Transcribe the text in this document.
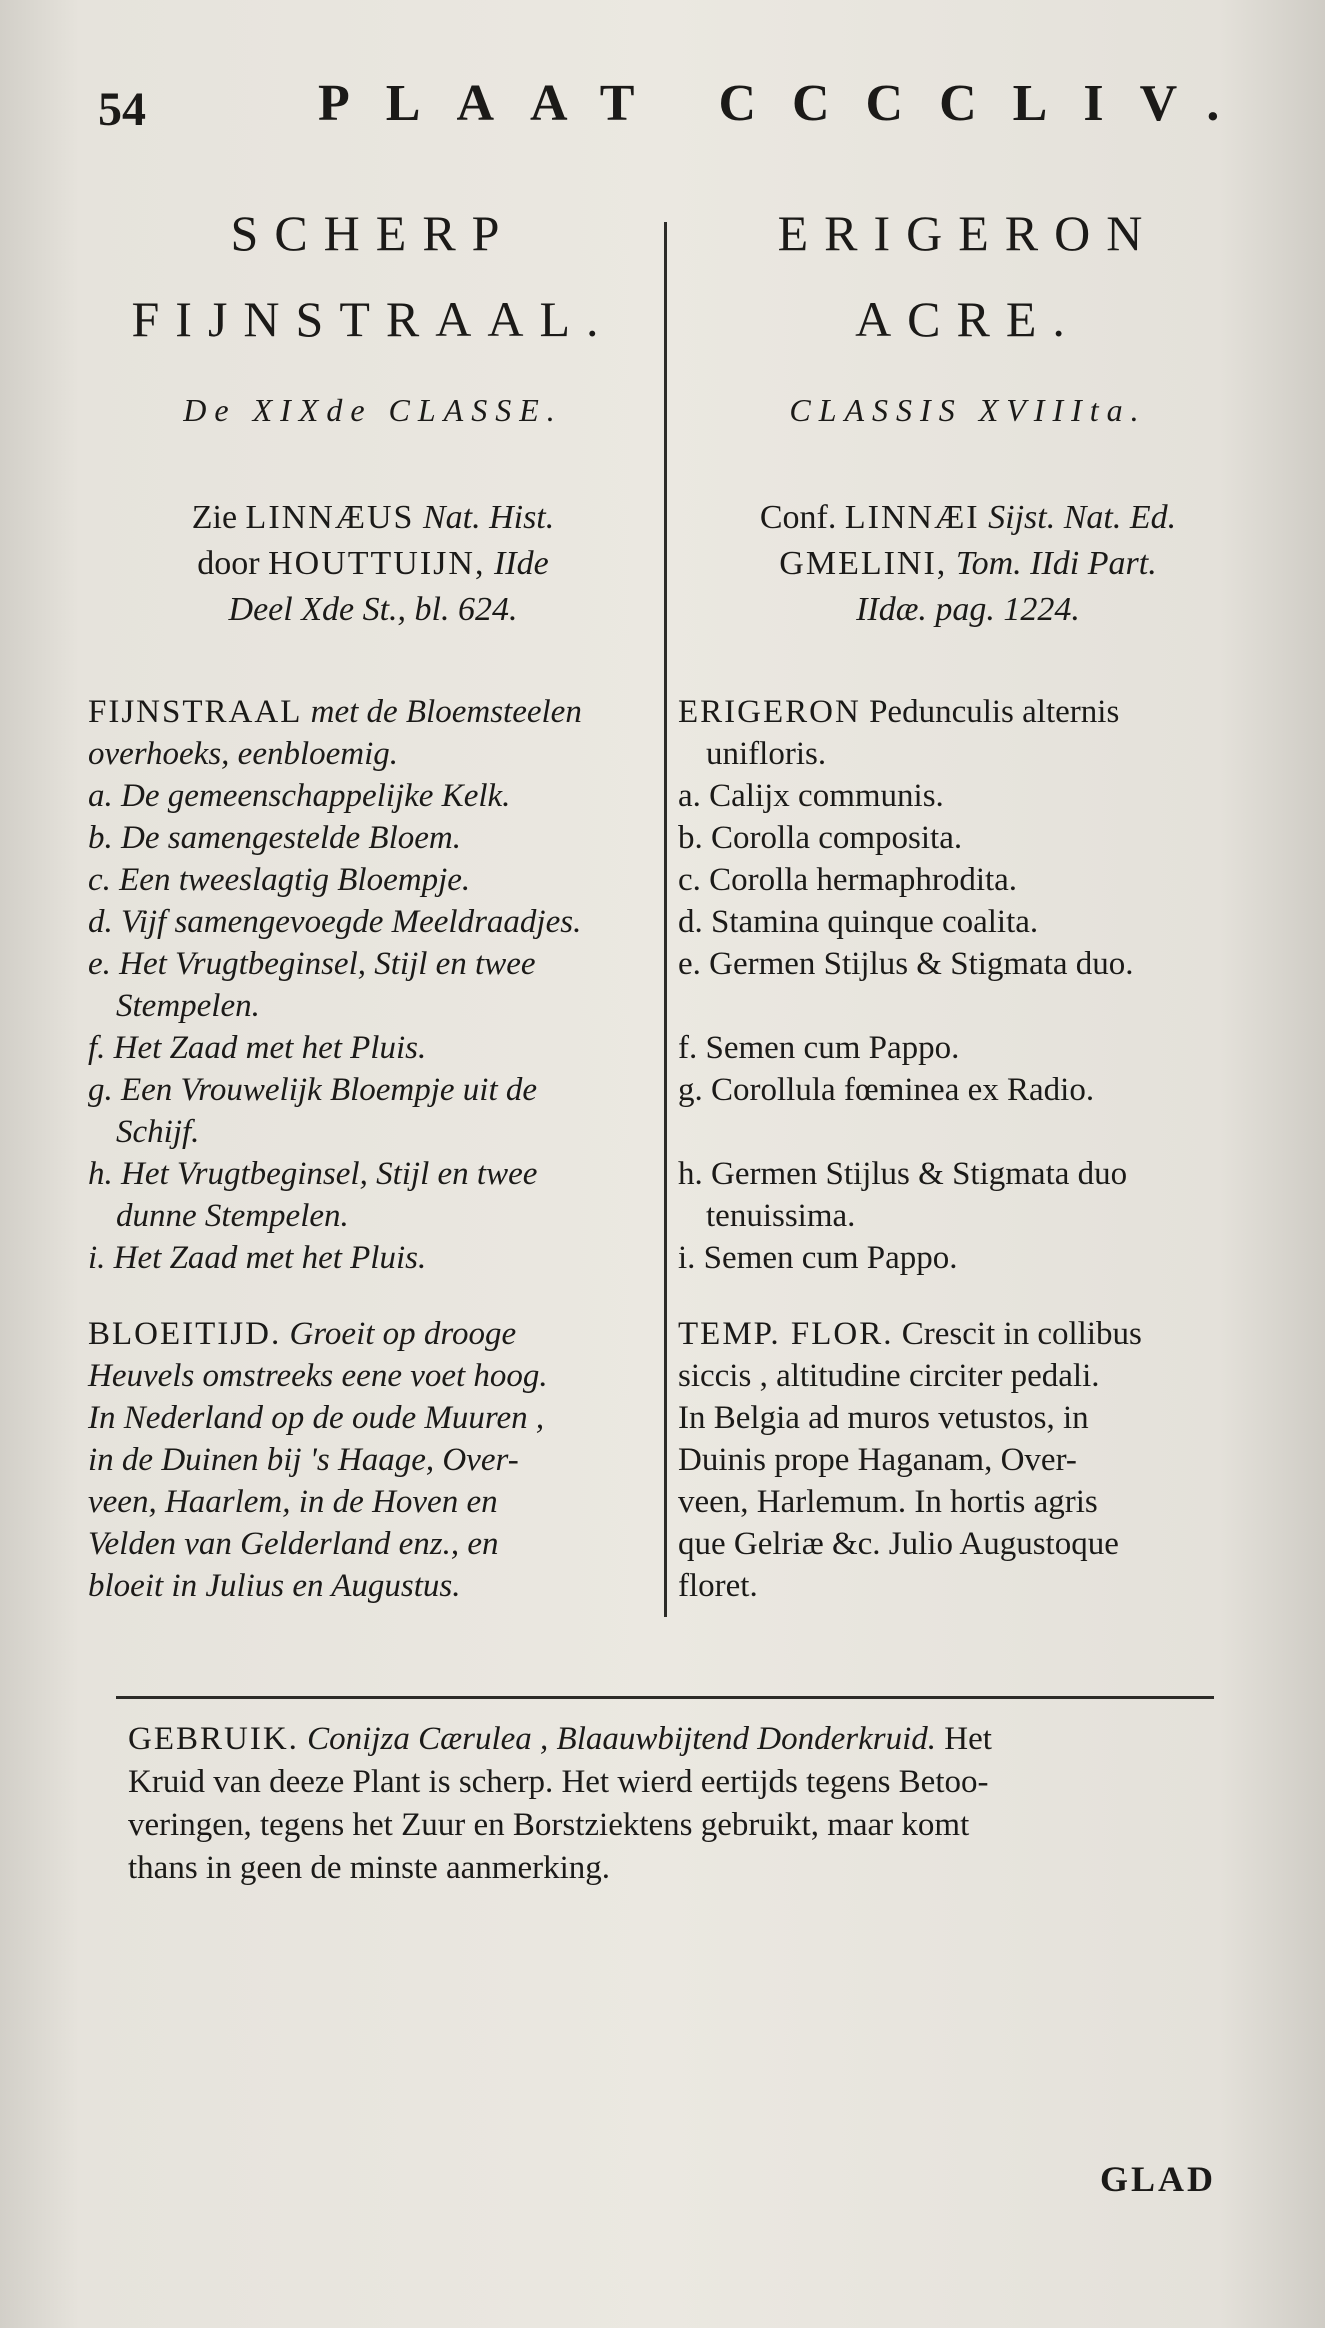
54	PLAAT CCCCLIV.
SCHERP
FIJNSTRAAL.
De XIXde CLASSE.
Zie LINNÆUS Nat. Hist.
door HOUTTUIJN, IIde
Deel Xde St., bl. 624.
FIJNSTRAAL met de Bloemsteelen
overhoeks, eenbloemig.
a. De gemeenschappelijke Kelk.
b. De samengestelde Bloem.
c. Een tweeslagtig Bloempje.
d. Vijf samengevoegde Meeldraadjes.
e. Het Vrugtbeginsel, Stijl en twee
Stempelen.
f. Het Zaad met het Pluis.
g. Een Vrouwelijk Bloempje uit de
Schijf.
h. Het Vrugtbeginsel, Stijl en twee
dunne Stempelen.
i. Het Zaad met het Pluis.
BLOEITIJD. Groeit op drooge
Heuvels omstreeks eene voet hoog.
In Nederland op de oude Muuren ,
in de Duinen bij 's Haage, Over-
veen, Haarlem, in de Hoven en
Velden van Gelderland enz., en
bloeit in Julius en Augustus.
ERIGERON
ACRE.
CLASSIS XVIIIta.
Conf. LINNÆI Sijst. Nat. Ed.
GMELINI, Tom. IIdi Part.
IIdæ. pag. 1224.
ERIGERON Pedunculis alternis
unifloris.
a. Calijx communis.
b. Corolla composita.
c. Corolla hermaphrodita.
d. Stamina quinque coalita.
e. Germen Stijlus & Stigmata duo.
f. Semen cum Pappo.
g. Corollula fœminea ex Radio.
h. Germen Stijlus & Stigmata duo
tenuissima.
i. Semen cum Pappo.
TEMP. FLOR. Crescit in collibus
siccis , altitudine circiter pedali.
In Belgia ad muros vetustos, in
Duinis prope Haganam, Over-
veen, Harlemum. In hortis agris
que Gelriæ &c. Julio Augustoque
floret.
GEBRUIK. Conijza Cærulea , Blaauwbijtend Donderkruid. Het
Kruid van deeze Plant is scherp. Het wierd eertijds tegens Betoo-
veringen, tegens het Zuur en Borstziektens gebruikt, maar komt
thans in geen de minste aanmerking.
GLAD
